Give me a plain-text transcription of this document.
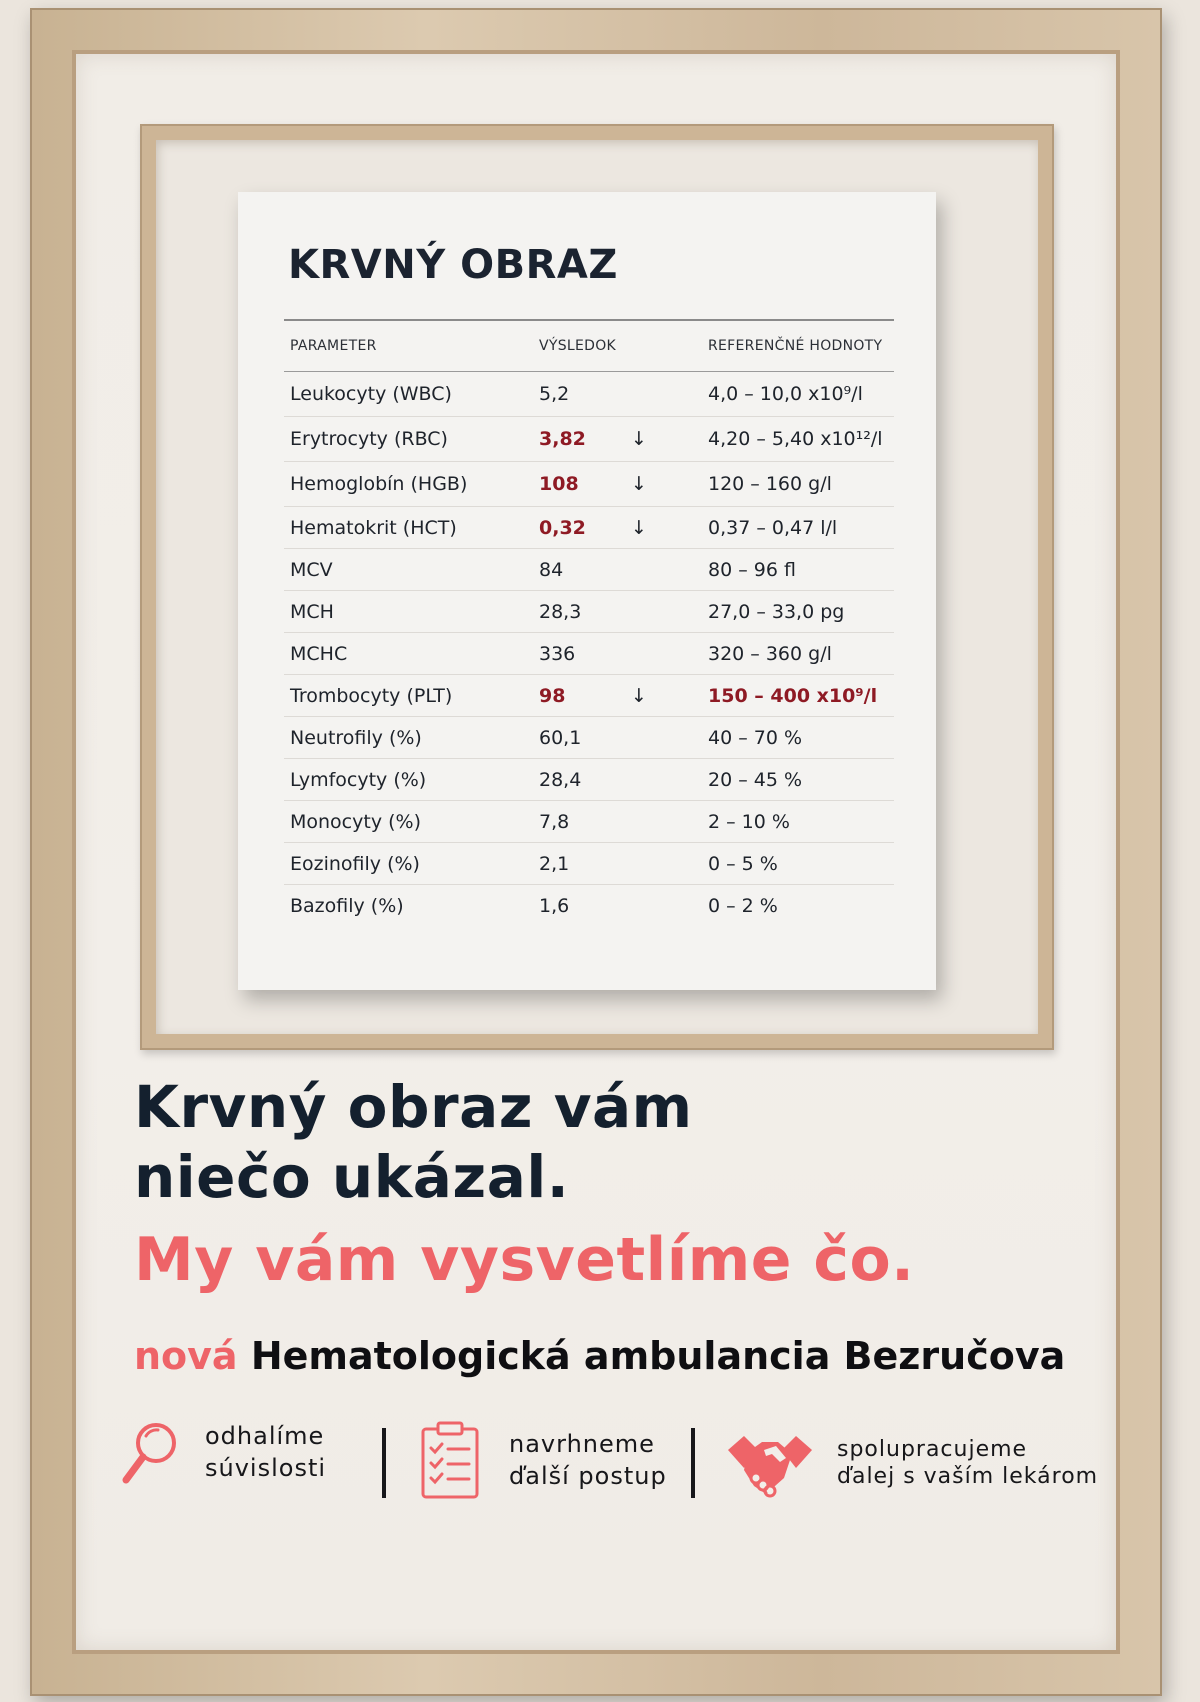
KRVNÝ OBRAZ
PARAMETER	VÝSLEDOK		REFERENČNÉ HODNOTY
Leukocyty (WBC)	5,2		4,0 – 10,0 x10⁹/l
Erytrocyty (RBC)	3,82	↓	4,20 – 5,40 x10¹²/l
Hemoglobín (HGB)	108	↓	120 – 160 g/l
Hematokrit (HCT)	0,32	↓	0,37 – 0,47 l/l
MCV	84		80 – 96 fl
MCH	28,3		27,0 – 33,0 pg
MCHC	336		320 – 360 g/l
Trombocyty (PLT)	98	↓	150 – 400 x10⁹/l
Neutrofily (%)	60,1		40 – 70 %
Lymfocyty (%)	28,4		20 – 45 %
Monocyty (%)	7,8		2 – 10 %
Eozinofily (%)	2,1		0 – 5 %
Bazofily (%)	1,6		0 – 2 %
Krvný obraz vám
niečo ukázal.
My vám vysvetlíme čo.
nová Hematologická ambulancia Bezručova
odhalíme
súvislosti
navrhneme
ďalší postup
spolupracujeme
ďalej s vaším lekárom
